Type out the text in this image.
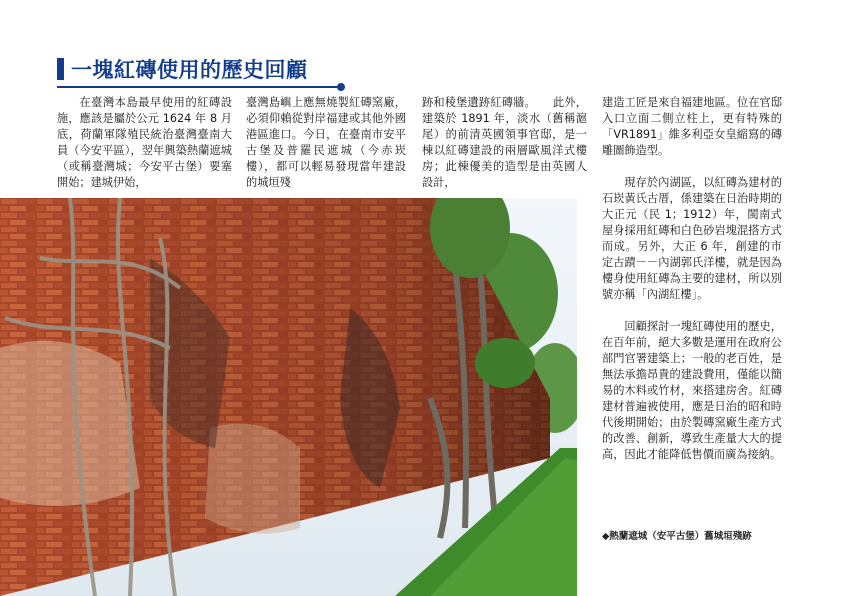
一塊紅磚使用的歷史回顧

在臺灣本島最早使用的紅磚設施，應該是屬於公元 1624 年 8 月底，荷蘭軍隊殖民統治臺灣臺南大員（今安平區），翌年興築熱蘭遮城（或稱臺灣城；今安平古堡）要塞開始；建城伊始，

臺灣島嶼上應無燒製紅磚窯廠，必須仰賴從對岸福建或其他外國港區進口。今日，在臺南市安平古堡及普羅民遮城（今赤崁樓），都可以輕易發現當年建設的城垣殘

跡和稜堡遺跡紅磚牆。　　此外，建築於 1891 年，淡水（舊稱滬尾）的前清英國領事官邸，是一棟以紅磚建設的兩層歐風洋式樓房；此棟優美的造型是由英國人設計，

建造工匠是來自福建地區。位在官邸入口立面二側立柱上，更有特殊的「VR1891」維多利亞女皇縮寫的磚雕圖飾造型。

現存於內湖區，以紅磚為建材的石崁黃氏古厝，係建築在日治時期的大正元（民 1；1912）年，閩南式屋身採用紅磚和白色砂岩塊混搭方式而成。另外，大正 6 年，創建的市定古蹟－－內湖郭氏洋樓，就是因為樓身使用紅磚為主要的建材，所以別號亦稱「內湖紅樓」。

回顧探討一塊紅磚使用的歷史，在百年前，絕大多數是運用在政府公部門官署建築上；一般的老百姓，是無法承擔昂貴的建設費用，僅能以簡易的木料或竹材，來搭建房舍。紅磚建材普遍被使用，應是日治的昭和時代後期開始；由於製磚窯廠生產方式的改善、創新，導致生產量大大的提高，因此才能降低售價而廣為接納。

◆熱蘭遮城（安平古堡）舊城垣殘跡
